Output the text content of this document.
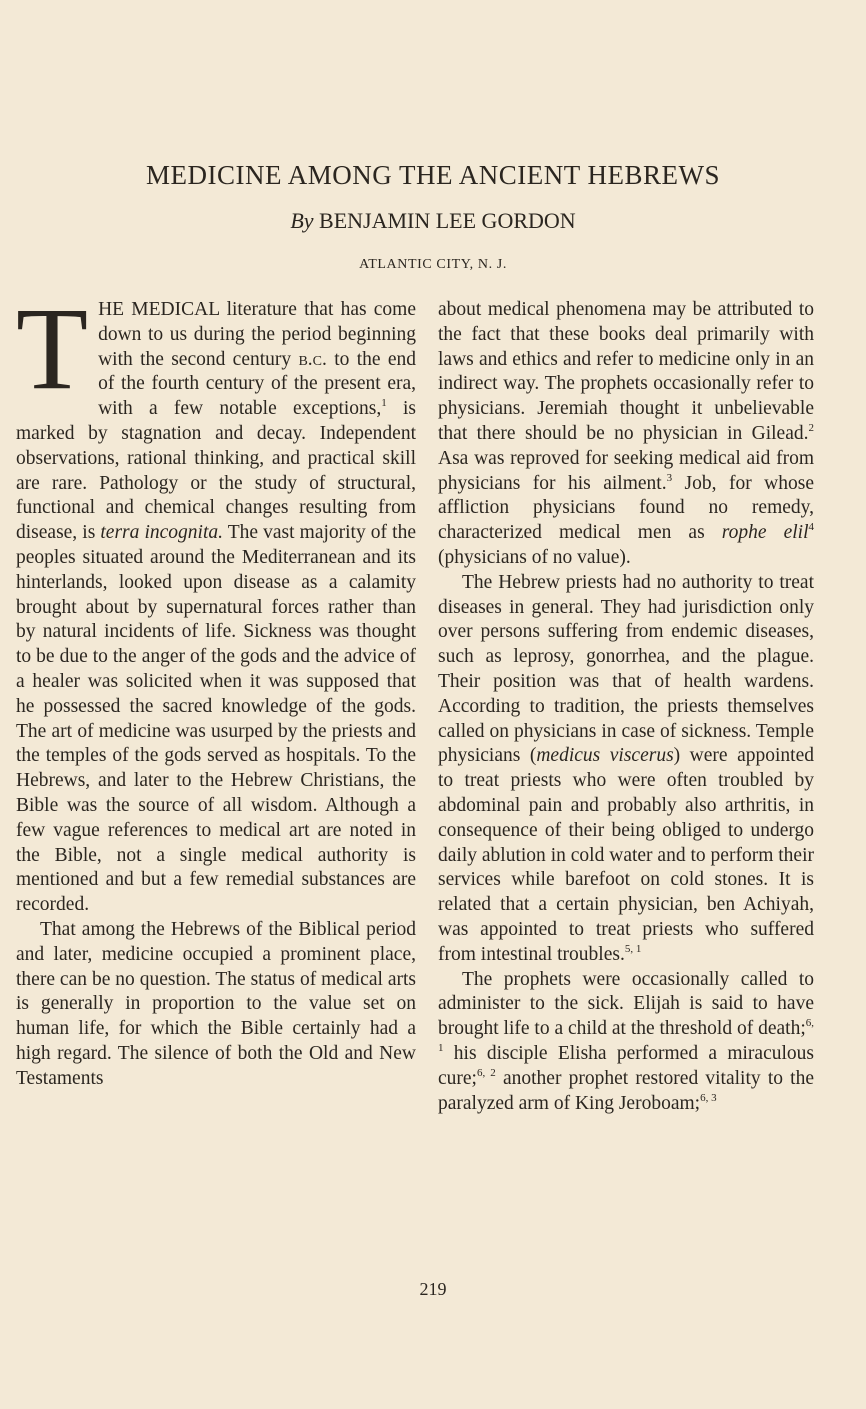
MEDICINE AMONG THE ANCIENT HEBREWS
By BENJAMIN LEE GORDON
ATLANTIC CITY, N. J.

THE MEDICAL literature that has come down to us during the period beginning with the second century b.c. to the end of the fourth century of the present era, with a few notable exceptions,$^1$ is marked by stagnation and decay. Independent observations, rational thinking, and practical skill are rare. Pathology or the study of structural, functional and chemical changes resulting from disease, is terra incognita. The vast majority of the peoples situated around the Mediterranean and its hinterlands, looked upon disease as a calamity brought about by supernatural forces rather than by natural incidents of life. Sickness was thought to be due to the anger of the gods and the advice of a healer was solicited when it was supposed that he possessed the sacred knowledge of the gods. The art of medicine was usurped by the priests and the temples of the gods served as hospitals. To the Hebrews, and later to the Hebrew Christians, the Bible was the source of all wisdom. Although a few vague references to medical art are noted in the Bible, not a single medical authority is mentioned and but a few remedial substances are recorded.

That among the Hebrews of the Biblical period and later, medicine occupied a prominent place, there can be no question. The status of medical arts is generally in proportion to the value set on human life, for which the Bible certainly had a high regard. The silence of both the Old and New Testaments

about medical phenomena may be attributed to the fact that these books deal primarily with laws and ethics and refer to medicine only in an indirect way. The prophets occasionally refer to physicians. Jeremiah thought it unbelievable that there should be no physician in Gilead.$^2$ Asa was reproved for seeking medical aid from physicians for his ailment.$^3$ Job, for whose affliction physicians found no remedy, characterized medical men as rophe elil$^4$ (physicians of no value).

The Hebrew priests had no authority to treat diseases in general. They had jurisdiction only over persons suffering from endemic diseases, such as leprosy, gonorrhea, and the plague. Their position was that of health wardens. According to tradition, the priests themselves called on physicians in case of sickness. Temple physicians (medicus viscerus) were appointed to treat priests who were often troubled by abdominal pain and probably also arthritis, in consequence of their being obliged to undergo daily ablution in cold water and to perform their services while barefoot on cold stones. It is related that a certain physician, ben Achiyah, was appointed to treat priests who suffered from intestinal troubles.$^{5, 1}$

The prophets were occasionally called to administer to the sick. Elijah is said to have brought life to a child at the threshold of death;$^{6, 1}$ his disciple Elisha performed a miraculous cure;$^{6, 2}$ another prophet restored vitality to the paralyzed arm of King Jeroboam;$^{6, 3}$

219
